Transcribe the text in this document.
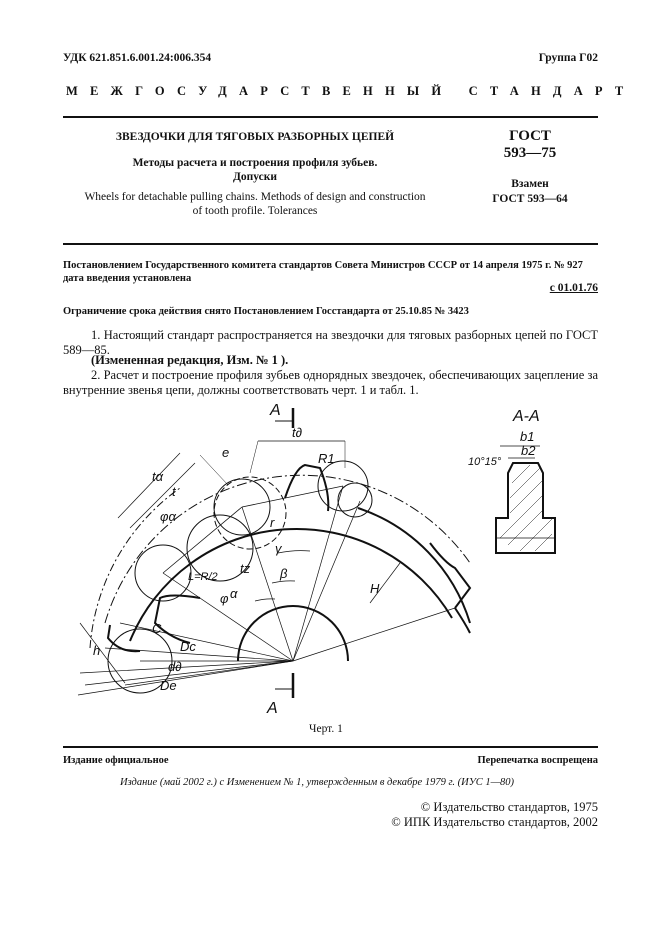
УДК 621.851.6.001.24:006.354	Группа Г02
МЕЖГОСУДАРСТВЕННЫЙ СТАНДАРТ
ЗВЕЗДОЧКИ ДЛЯ ТЯГОВЫХ РАЗБОРНЫХ ЦЕПЕЙ
Методы расчета и построения профиля зубьев.
Допуски
Wheels for detachable pulling chains. Methods of design and construction
of tooth profile. Tolerances
ГОСТ
593—75
Взамен
ГОСТ 593—64
Постановлением Государственного комитета стандартов Совета Министров СССР от 14 апреля 1975 г. № 927
дата введения установлена
с 01.01.76
Ограничение срока действия снято Постановлением Госстандарта от 25.10.85 № 3423
1. Настоящий стандарт распространяется на звездочки для тяговых разборных цепей по ГОСТ 589—85.
(Измененная редакция, Изм. № 1 ).
2. Расчет и построение профиля зубьев однорядных звездочек, обеспечивающих зацепление за внутренние звенья цепи, должны соответствовать черт. 1 и табл. 1.
A
A
A-A
10°15°
t∂
tα
t
e	R1
r
φα
γ
tz β
α
φ
H
L=R/2
C
h	Dc
d∂
De
b1
b2
Черт. 1
Издание официальное	Перепечатка воспрещена
Издание (май 2002 г.) с Изменением № 1, утвержденным в декабре 1979 г. (ИУС 1—80)
© Издательство стандартов, 1975
© ИПК Издательство стандартов, 2002
